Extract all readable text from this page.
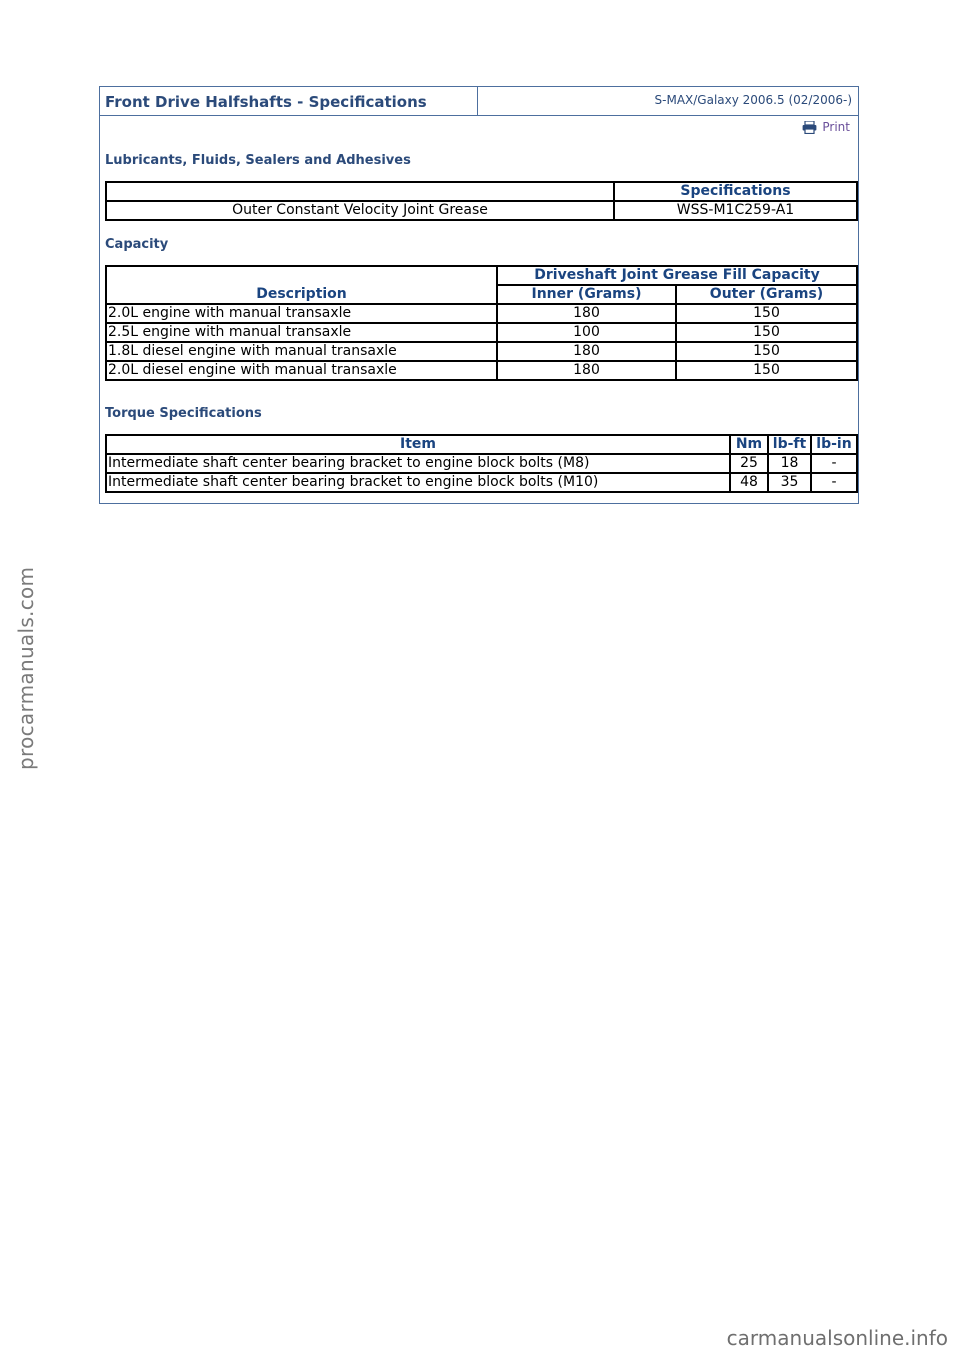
Front Drive Halfshafts - Specifications	S-MAX/Galaxy 2006.5 (02/2006-)
Print
Lubricants, Fluids, Sealers and Adhesives
	Specifications
Outer Constant Velocity Joint Grease	WSS-M1C259-A1
Capacity
Description	Driveshaft Joint Grease Fill Capacity	
	Inner (Grams)	Outer (Grams)
2.0L engine with manual transaxle	180	150
2.5L engine with manual transaxle	100	150
1.8L diesel engine with manual transaxle	180	150
2.0L diesel engine with manual transaxle	180	150
Torque Specifications
Item	Nm	lb-ft	lb-in
Intermediate shaft center bearing bracket to engine block bolts (M8)	25	18	-
Intermediate shaft center bearing bracket to engine block bolts (M10)	48	35	-
procarmanuals.com
carmanualsonline.info
